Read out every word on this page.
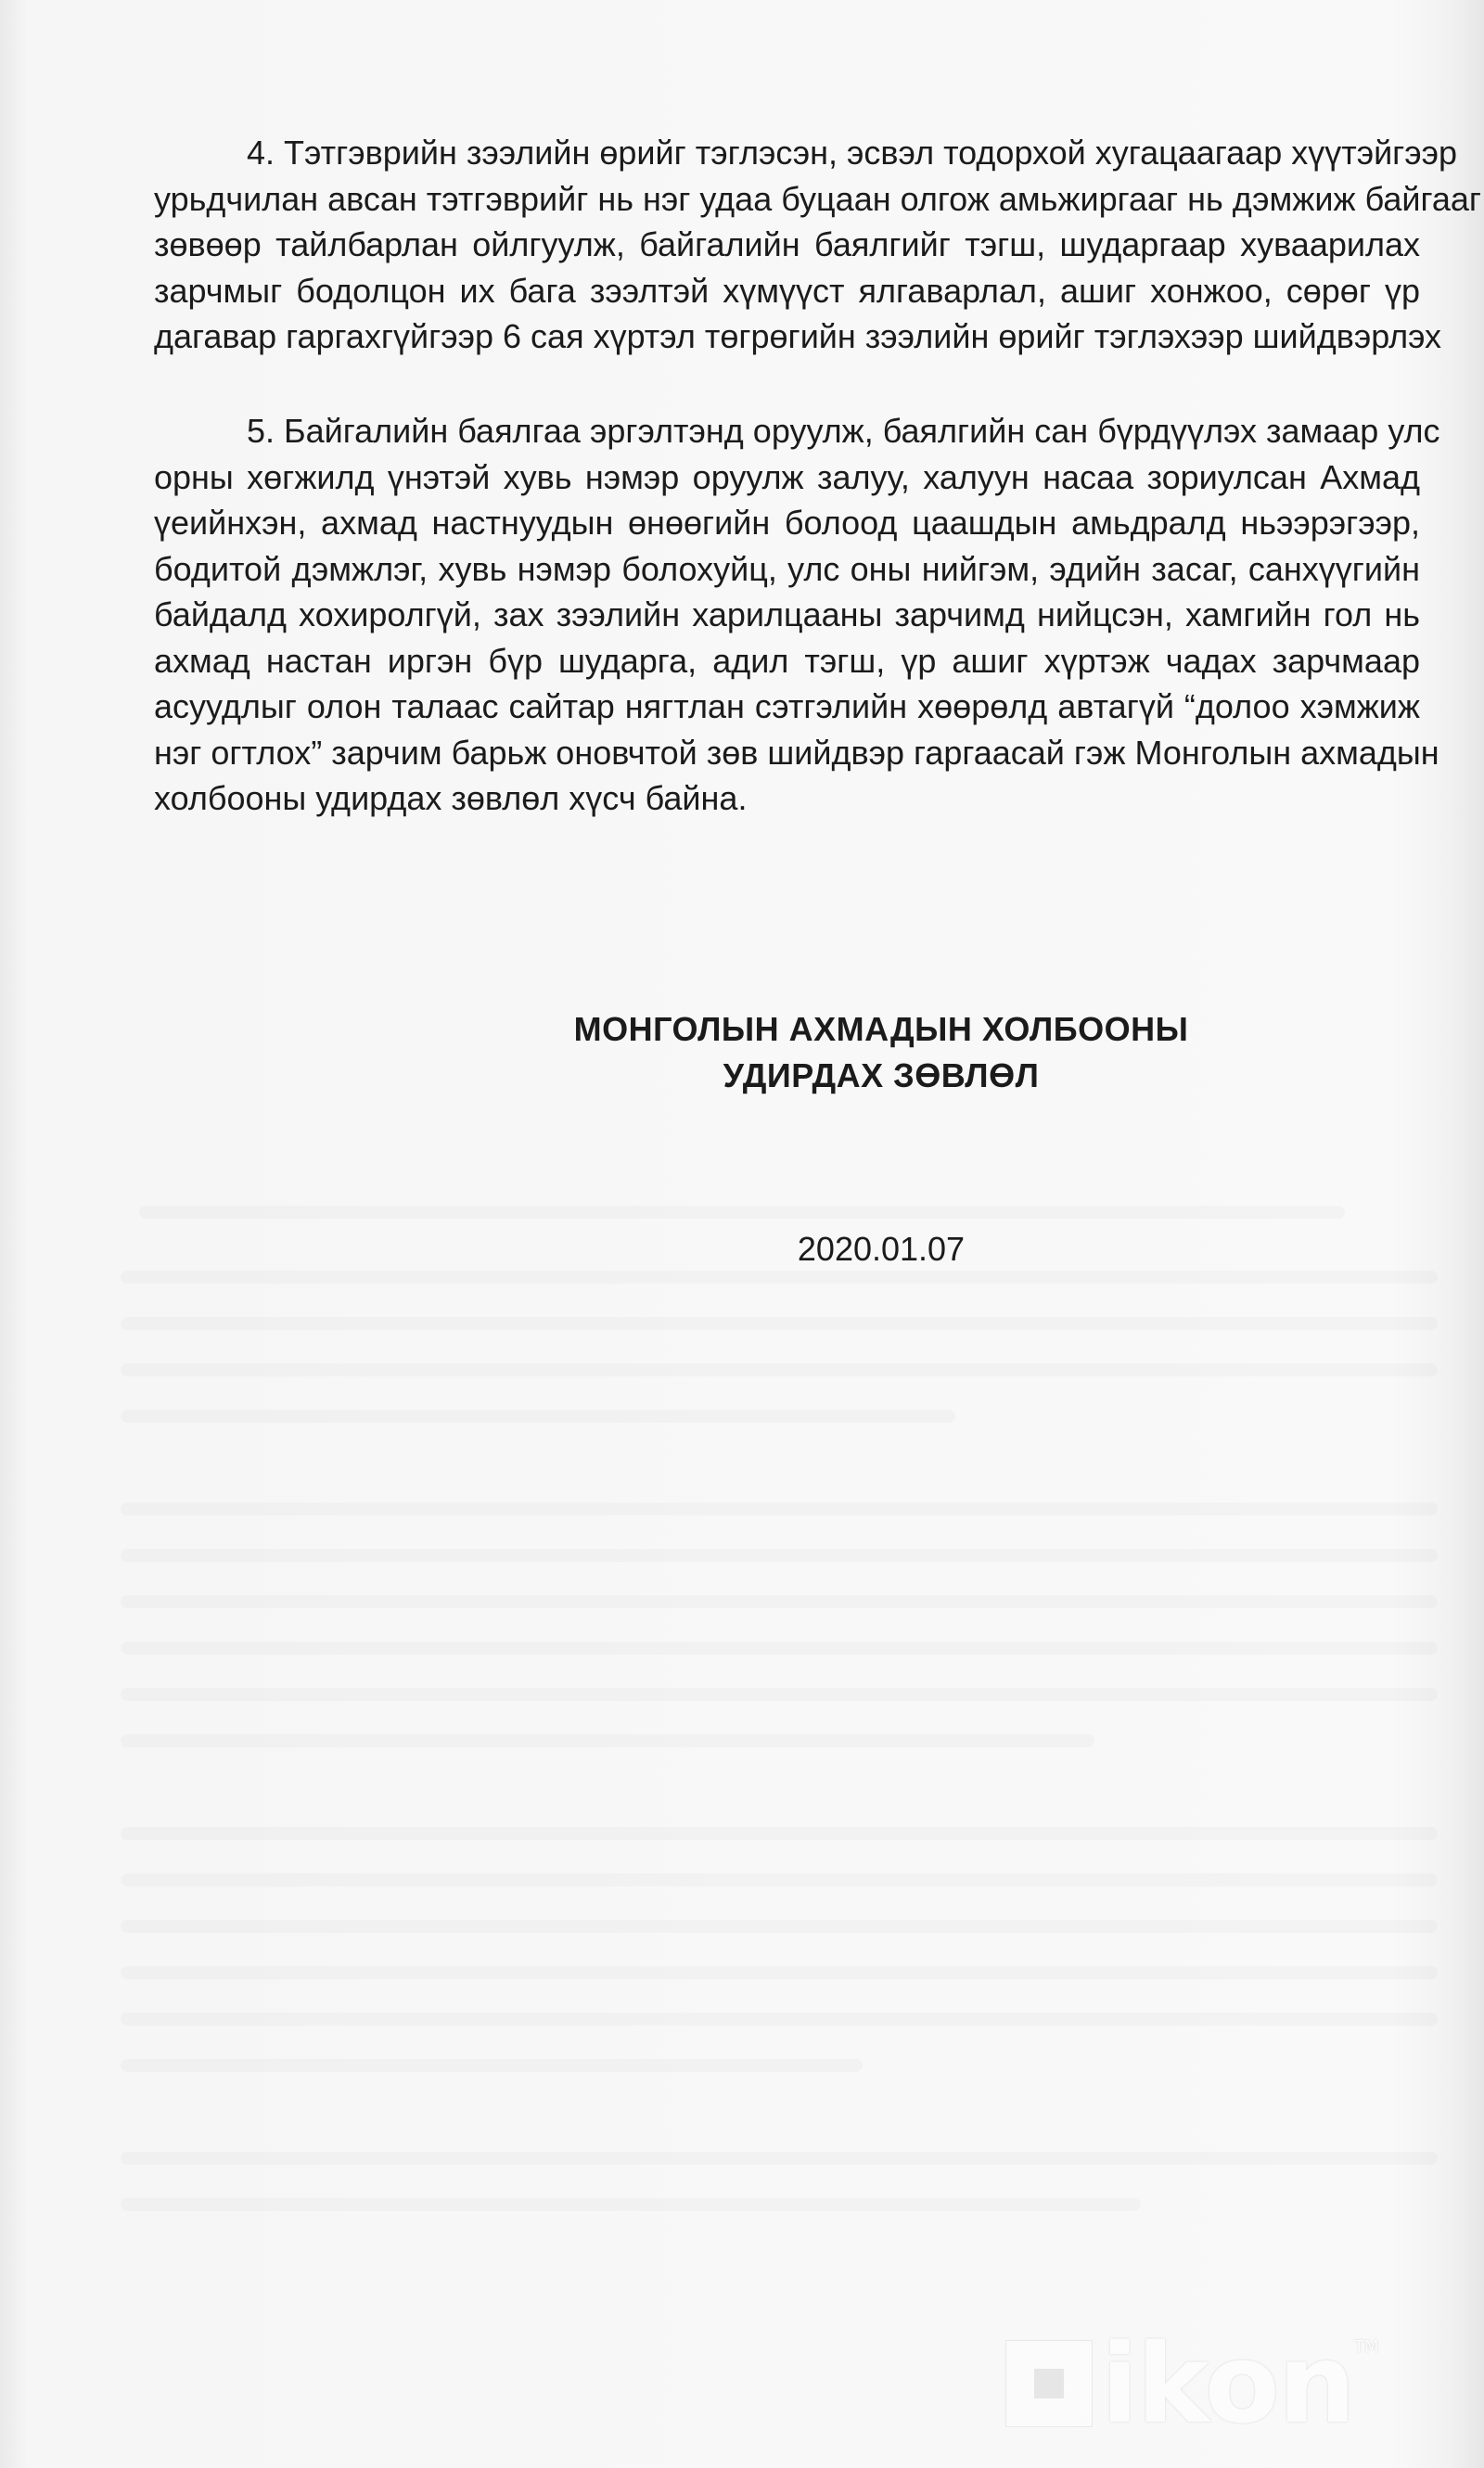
4. Тэтгэврийн зээлийн өрийг тэглэсэн, эсвэл тодорхой хугацаагаар хүүтэйгээр
урьдчилан авсан тэтгэврийг нь нэг удаа буцаан олгож амьжиргааг нь дэмжиж байгааг
зөвөөр тайлбарлан ойлгуулж, байгалийн баялгийг тэгш, шударгаар хуваарилах
зарчмыг бодолцон их бага зээлтэй хүмүүст ялгаварлал, ашиг хонжоо, сөрөг үр
дагавар гаргахгүйгээр 6 сая хүртэл төгрөгийн зээлийн өрийг тэглэхээр шийдвэрлэх

5. Байгалийн баялгаа эргэлтэнд оруулж, баялгийн сан бүрдүүлэх замаар улс
орны хөгжилд үнэтэй хувь нэмэр оруулж залуу, халуун насаа зориулсан Ахмад
үеийнхэн, ахмад настнуудын өнөөгийн болоод цаашдын амьдралд ньээрэгээр,
бодитой дэмжлэг, хувь нэмэр болохуйц, улс оны нийгэм, эдийн засаг, санхүүгийн
байдалд хохиролгүй, зах зээлийн харилцааны зарчимд нийцсэн, хамгийн гол нь
ахмад настан иргэн бүр шударга, адил тэгш, үр ашиг хүртэж чадах зарчмаар
асуудлыг олон талаас сайтар нягтлан сэтгэлийн хөөрөлд автагүй “долоо хэмжиж
нэг огтлох” зарчим барьж оновчтой зөв шийдвэр гаргаасай гэж Монголын ахмадын
холбооны удирдах зөвлөл хүсч байна.

МОНГОЛЫН АХМАДЫН ХОЛБООНЫ
УДИРДАХ ЗӨВЛӨЛ
2020.01.07
ikon TM
